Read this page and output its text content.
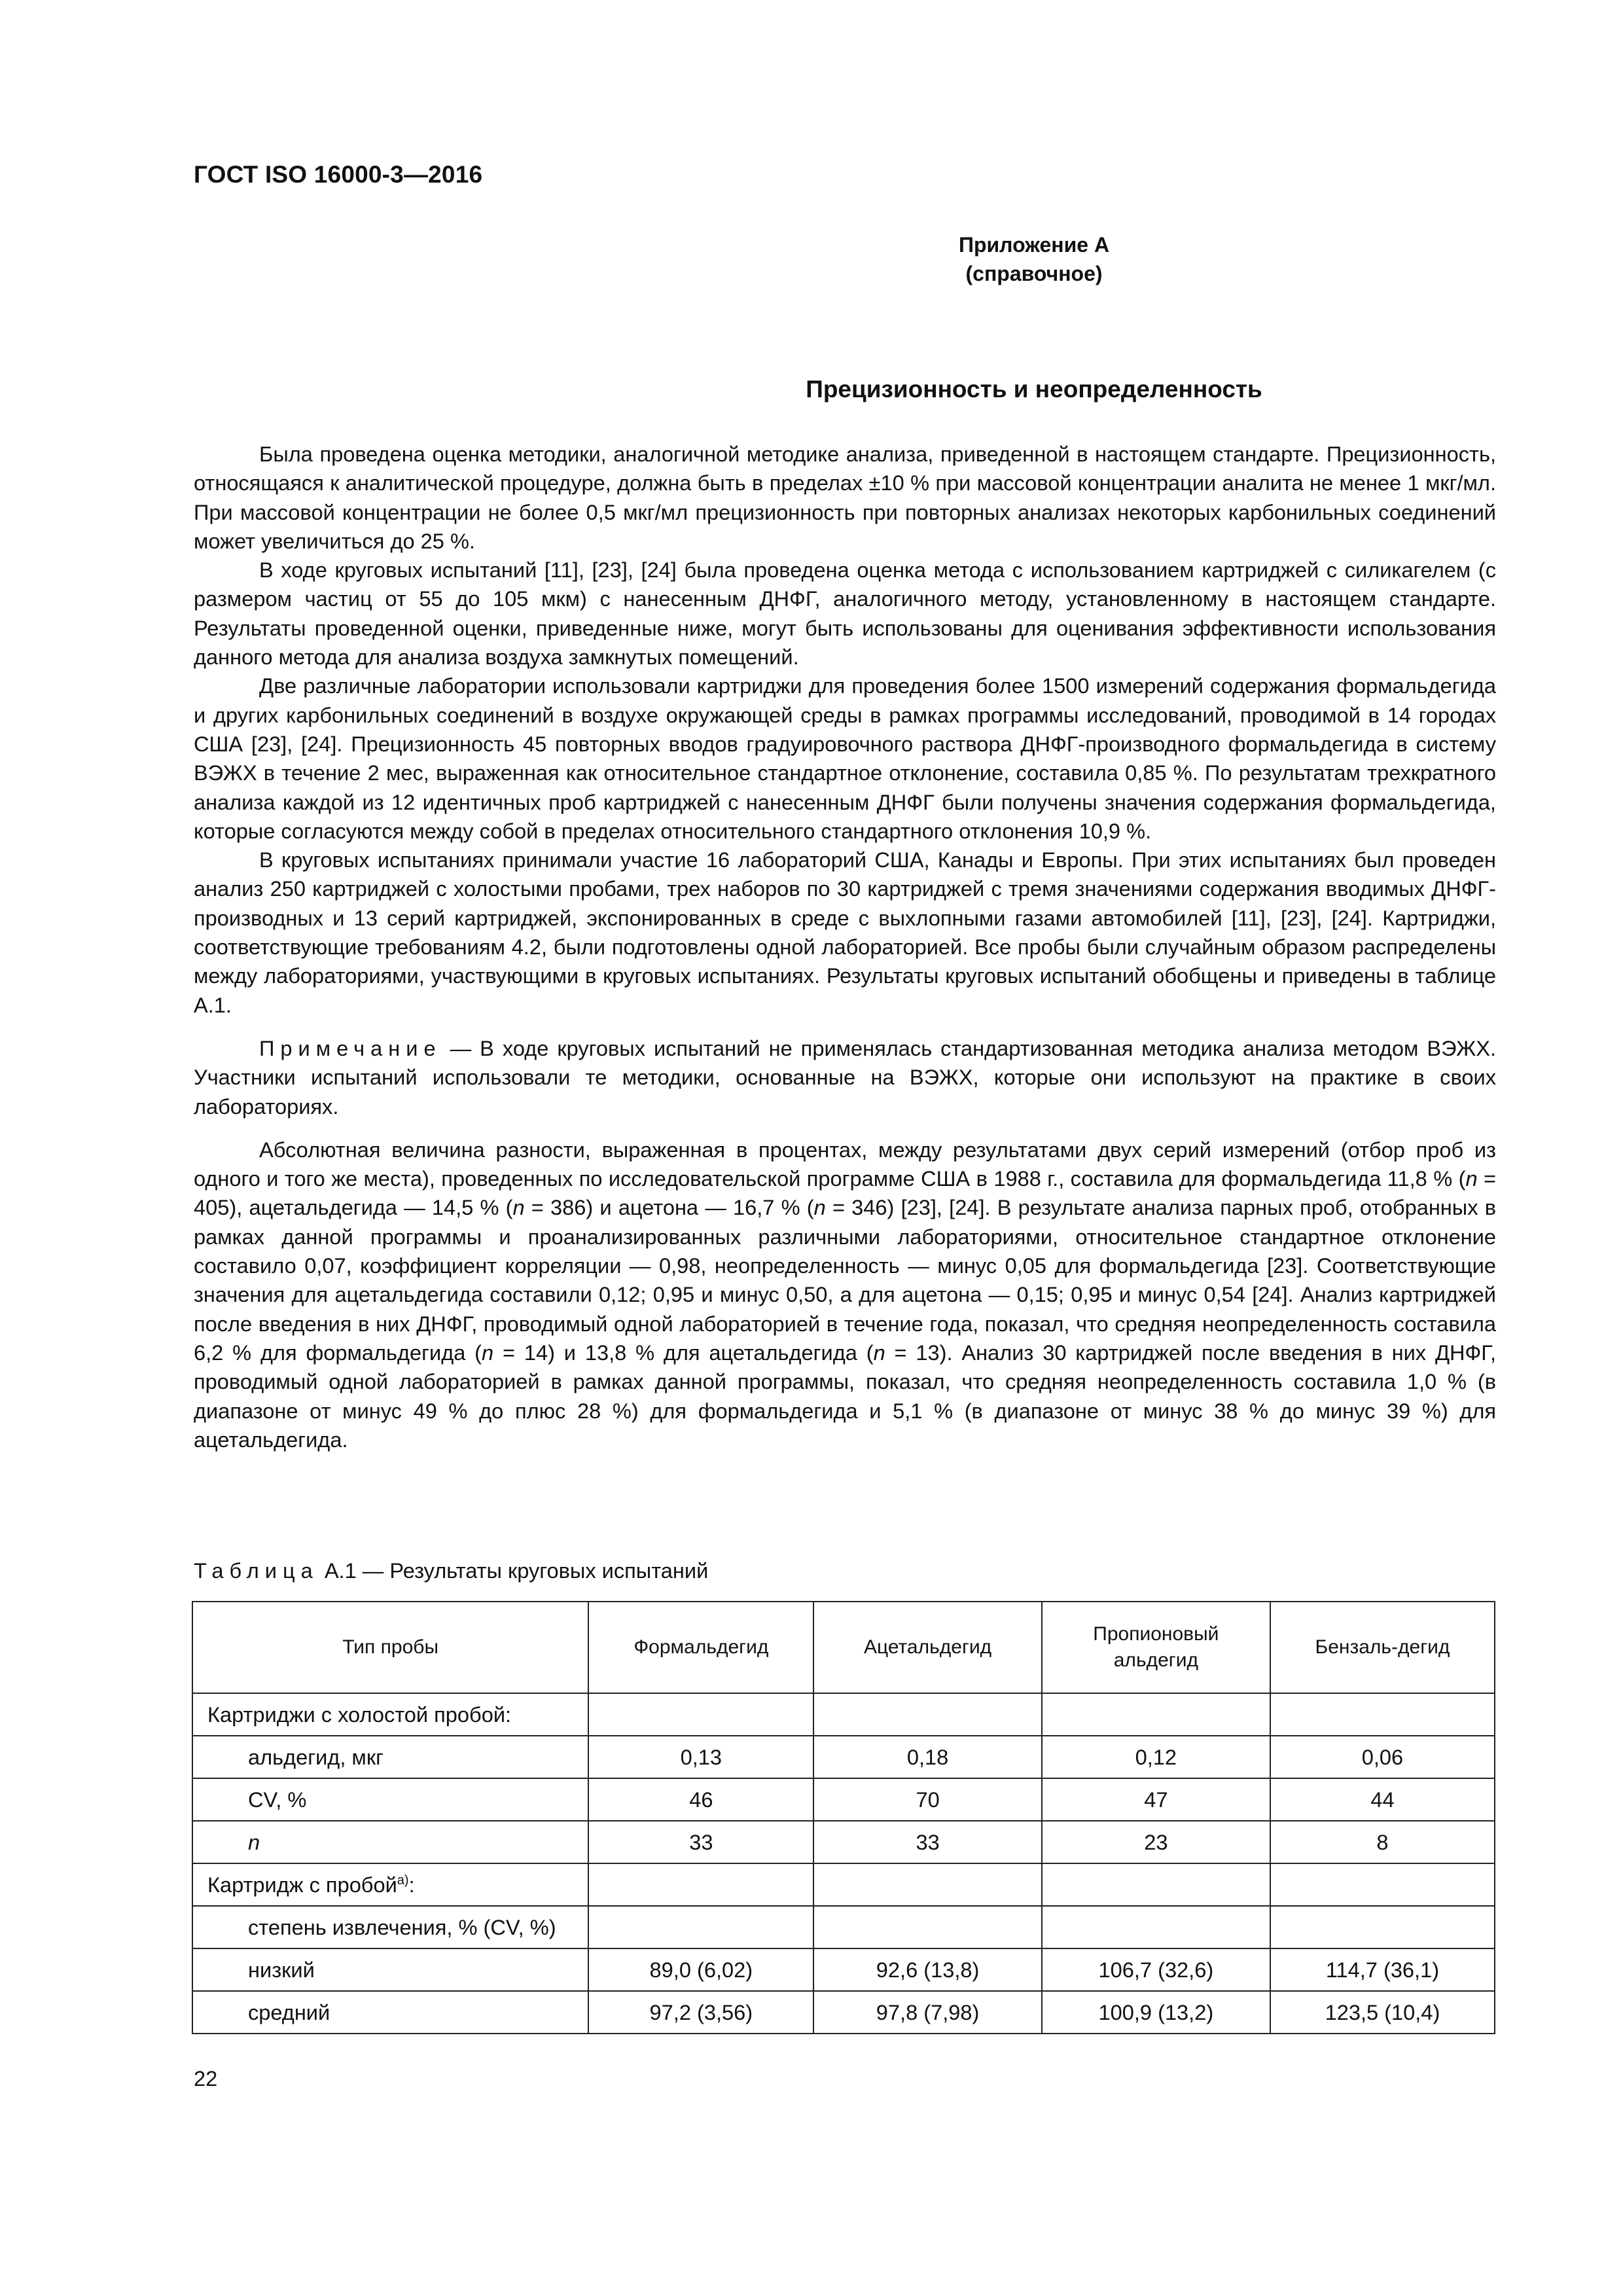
ГОСТ ISO 16000-3—2016
Приложение А
(справочное)
Прецизионность и неопределенность

Была проведена оценка методики, аналогичной методике анализа, приведенной в настоящем стандарте. Прецизионность, относящаяся к аналитической процедуре, должна быть в пределах ±10 % при массовой концентрации аналита не менее 1 мкг/мл. При массовой концентрации не более 0,5 мкг/мл прецизионность при повторных анализах некоторых карбонильных соединений может увеличиться до 25 %.

В ходе круговых испытаний [11], [23], [24] была проведена оценка метода с использованием картриджей с силикагелем (с размером частиц от 55 до 105 мкм) с нанесенным ДНФГ, аналогичного методу, установленному в настоящем стандарте. Результаты проведенной оценки, приведенные ниже, могут быть использованы для оценивания эффективности использования данного метода для анализа воздуха замкнутых помещений.

Две различные лаборатории использовали картриджи для проведения более 1500 измерений содержания формальдегида и других карбонильных соединений в воздухе окружающей среды в рамках программы исследований, проводимой в 14 городах США [23], [24]. Прецизионность 45 повторных вводов градуировочного раствора ДНФГ-производного формальдегида в систему ВЭЖХ в течение 2 мес, выраженная как относительное стандартное отклонение, составила 0,85 %. По результатам трехкратного анализа каждой из 12 идентичных проб картриджей с нанесенным ДНФГ были получены значения содержания формальдегида, которые согласуются между собой в пределах относительного стандартного отклонения 10,9 %.

В круговых испытаниях принимали участие 16 лабораторий США, Канады и Европы. При этих испытаниях был проведен анализ 250 картриджей с холостыми пробами, трех наборов по 30 картриджей с тремя значениями содержания вводимых ДНФГ-производных и 13 серий картриджей, экспонированных в среде с выхлопными газами автомобилей [11], [23], [24]. Картриджи, соответствующие требованиям 4.2, были подготовлены одной лабораторией. Все пробы были случайным образом распределены между лабораториями, участвующими в круговых испытаниях. Результаты круговых испытаний обобщены и приведены в таблице А.1.

Примечание — В ходе круговых испытаний не применялась стандартизованная методика анализа методом ВЭЖХ. Участники испытаний использовали те методики, основанные на ВЭЖХ, которые они используют на практике в своих лабораториях.

Абсолютная величина разности, выраженная в процентах, между результатами двух серий измерений (отбор проб из одного и того же места), проведенных по исследовательской программе США в 1988 г., составила для формальдегида 11,8 % (n = 405), ацетальдегида — 14,5 % (n = 386) и ацетона — 16,7 % (n = 346) [23], [24]. В результате анализа парных проб, отобранных в рамках данной программы и проанализированных различными лабораториями, относительное стандартное отклонение составило 0,07, коэффициент корреляции — 0,98, неопределенность — минус 0,05 для формальдегида [23]. Соответствующие значения для ацетальдегида составили 0,12; 0,95 и минус 0,50, а для ацетона — 0,15; 0,95 и минус 0,54 [24]. Анализ картриджей после введения в них ДНФГ, проводимый одной лабораторией в течение года, показал, что средняя неопределенность составила 6,2 % для формальдегида (n = 14) и 13,8 % для ацетальдегида (n = 13). Анализ 30 картриджей после введения в них ДНФГ, проводимый одной лабораторией в рамках данной программы, показал, что средняя неопределенность составила 1,0 % (в диапазоне от минус 49 % до плюс 28 %) для формальдегида и 5,1 % (в диапазоне от минус 38 % до минус 39 %) для ацетальдегида.

Таблица А.1 — Результаты круговых испытаний
Тип пробы	Формальдегид	Ацетальдегид	Пропионовый альдегид	Бензаль-дегид
Картриджи с холостой пробой:				
альдегид, мкг	0,13	0,18	0,12	0,06
CV, %	46	70	47	44
n	33	33	23	8
Картридж с пробой$^{а)}$:				
степень извлечения, % (CV, %)				
низкий	89,0 (6,02)	92,6 (13,8)	106,7 (32,6)	114,7 (36,1)
средний	97,2 (3,56)	97,8 (7,98)	100,9 (13,2)	123,5 (10,4)
22
